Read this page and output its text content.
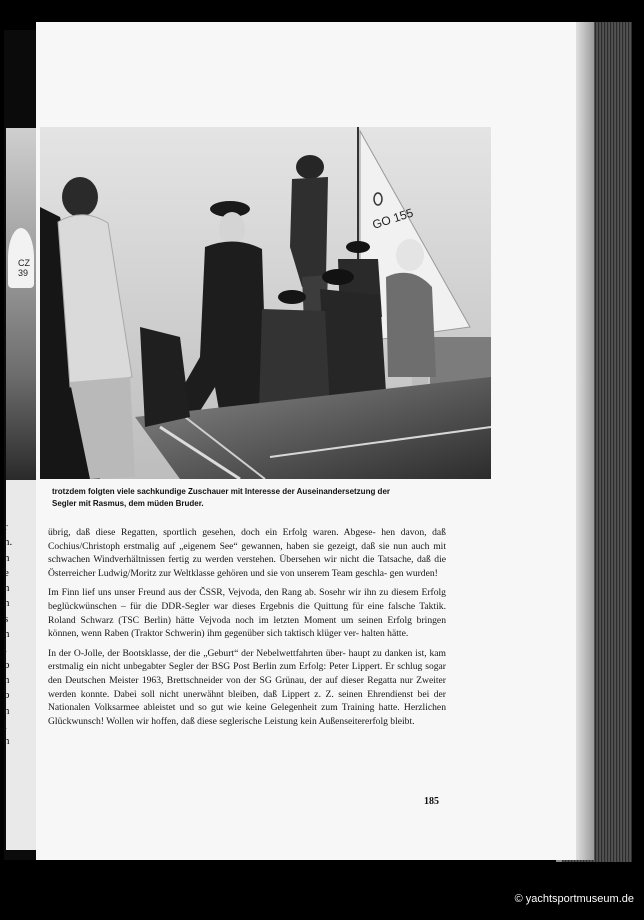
CZ
39
r
n.
h
e
n
n
s
n
i
b
n
b
n
i
n
GO 155

trotzdem folgten viele sachkundige Zuschauer mit Interesse der Auseinandersetzung der
Segler mit Rasmus, dem müden Bruder.

übrig, daß diese Regatten, sportlich gesehen, doch ein Erfolg waren. Abgese- hen davon, daß Cochius/Christoph erstmalig auf „eigenem See“ gewannen, haben sie gezeigt, daß sie nun auch mit schwachen Windverhältnissen fertig zu werden verstehen. Übersehen wir nicht die Tatsache, daß die Österreicher Ludwig/Moritz zur Weltklasse gehören und sie von unserem Team geschla- gen wurden!

Im Finn lief uns unser Freund aus der ČSSR, Vejvoda, den Rang ab. Sosehr wir ihn zu diesem Erfolg beglückwünschen – für die DDR-Segler war dieses Ergebnis die Quittung für eine falsche Taktik. Roland Schwarz (TSC Berlin) hätte Vejvoda noch im letzten Moment um seinen Erfolg bringen können, wenn Raben (Traktor Schwerin) ihm gegenüber sich taktisch klüger ver- halten hätte.

In der O-Jolle, der Bootsklasse, der die „Geburt“ der Nebelwettfahrten über- haupt zu danken ist, kam erstmalig ein nicht unbegabter Segler der BSG Post Berlin zum Erfolg: Peter Lippert. Er schlug sogar den Deutschen Meister 1963, Brettschneider von der SG Grünau, der auf dieser Regatta nur Zweiter werden konnte. Dabei soll nicht unerwähnt bleiben, daß Lippert z. Z. seinen Ehrendienst bei der Nationalen Volksarmee ableistet und so gut wie keine Gelegenheit zum Training hatte. Herzlichen Glückwunsch! Wollen wir hoffen, daß diese seglerische Leistung kein Außenseitererfolg bleibt.

185
© yachtsportmuseum.de
